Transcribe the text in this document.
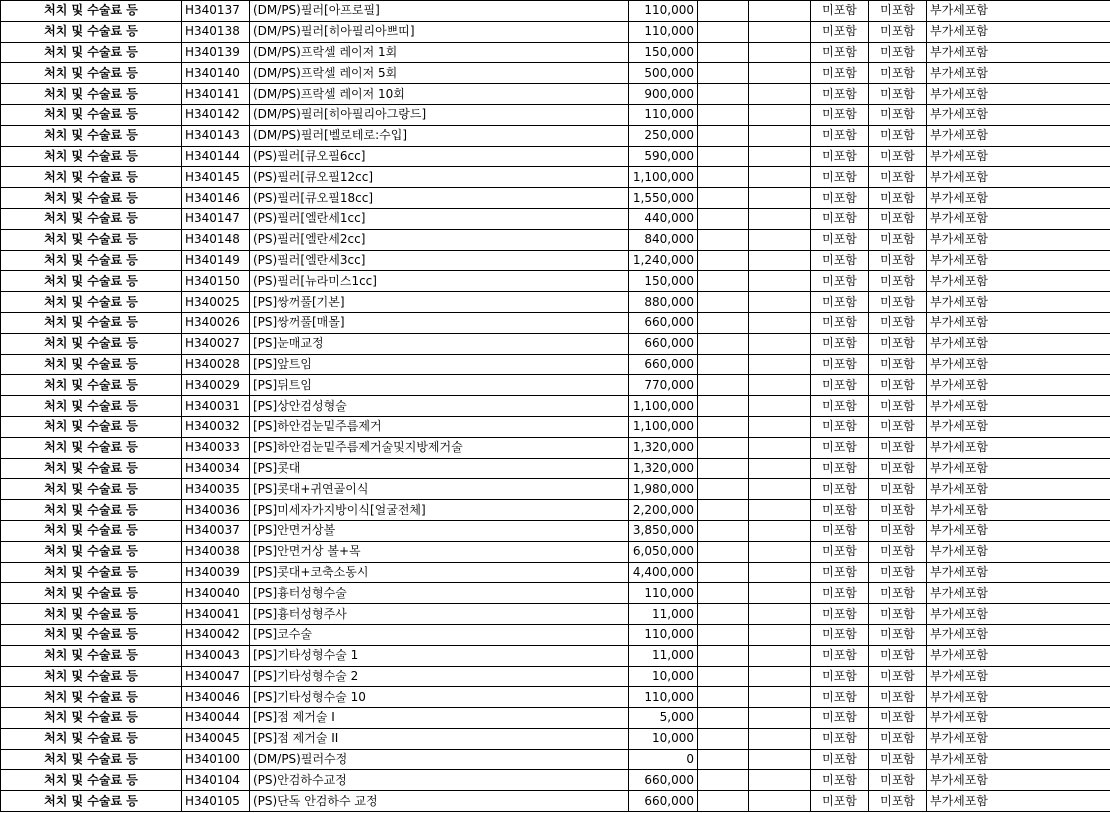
처치 및 수술료 등	H340137	(DM/PS)필러[아프로필]	110,000			미포함	미포함	부가세포함
처치 및 수술료 등	H340138	(DM/PS)필러[히아필리아쁘띠]	110,000			미포함	미포함	부가세포함
처치 및 수술료 등	H340139	(DM/PS)프락셀 레이저 1회	150,000			미포함	미포함	부가세포함
처치 및 수술료 등	H340140	(DM/PS)프락셀 레이저 5회	500,000			미포함	미포함	부가세포함
처치 및 수술료 등	H340141	(DM/PS)프락셀 레이저 10회	900,000			미포함	미포함	부가세포함
처치 및 수술료 등	H340142	(DM/PS)필러[히아필리아그랑드]	110,000			미포함	미포함	부가세포함
처치 및 수술료 등	H340143	(DM/PS)필러[벨로테로:수입]	250,000			미포함	미포함	부가세포함
처치 및 수술료 등	H340144	(PS)필러[큐오필6cc]	590,000			미포함	미포함	부가세포함
처치 및 수술료 등	H340145	(PS)필러[큐오필12cc]	1,100,000			미포함	미포함	부가세포함
처치 및 수술료 등	H340146	(PS)필러[큐오필18cc]	1,550,000			미포함	미포함	부가세포함
처치 및 수술료 등	H340147	(PS)필러[엘란세1cc]	440,000			미포함	미포함	부가세포함
처치 및 수술료 등	H340148	(PS)필러[엘란세2cc]	840,000			미포함	미포함	부가세포함
처치 및 수술료 등	H340149	(PS)필러[엘란세3cc]	1,240,000			미포함	미포함	부가세포함
처치 및 수술료 등	H340150	(PS)필러[뉴라미스1cc]	150,000			미포함	미포함	부가세포함
처치 및 수술료 등	H340025	[PS]쌍꺼풀[기본]	880,000			미포함	미포함	부가세포함
처치 및 수술료 등	H340026	[PS]쌍꺼풀[매몰]	660,000			미포함	미포함	부가세포함
처치 및 수술료 등	H340027	[PS]눈매교정	660,000			미포함	미포함	부가세포함
처치 및 수술료 등	H340028	[PS]앞트임	660,000			미포함	미포함	부가세포함
처치 및 수술료 등	H340029	[PS]뒤트임	770,000			미포함	미포함	부가세포함
처치 및 수술료 등	H340031	[PS]상안검성형술	1,100,000			미포함	미포함	부가세포함
처치 및 수술료 등	H340032	[PS]하안검눈밑주름제거	1,100,000			미포함	미포함	부가세포함
처치 및 수술료 등	H340033	[PS]하안검눈밑주름제거술및지방제거술	1,320,000			미포함	미포함	부가세포함
처치 및 수술료 등	H340034	[PS]콧대	1,320,000			미포함	미포함	부가세포함
처치 및 수술료 등	H340035	[PS]콧대+귀연골이식	1,980,000			미포함	미포함	부가세포함
처치 및 수술료 등	H340036	[PS]미세자가지방이식[얼굴전체]	2,200,000			미포함	미포함	부가세포함
처치 및 수술료 등	H340037	[PS]안면거상볼	3,850,000			미포함	미포함	부가세포함
처치 및 수술료 등	H340038	[PS]안면거상 볼+목	6,050,000			미포함	미포함	부가세포함
처치 및 수술료 등	H340039	[PS]콧대+코축소동시	4,400,000			미포함	미포함	부가세포함
처치 및 수술료 등	H340040	[PS]흉터성형수술	110,000			미포함	미포함	부가세포함
처치 및 수술료 등	H340041	[PS]흉터성형주사	11,000			미포함	미포함	부가세포함
처치 및 수술료 등	H340042	[PS]코수술	110,000			미포함	미포함	부가세포함
처치 및 수술료 등	H340043	[PS]기타성형수술 1	11,000			미포함	미포함	부가세포함
처치 및 수술료 등	H340047	[PS]기타성형수술 2	10,000			미포함	미포함	부가세포함
처치 및 수술료 등	H340046	[PS]기타성형수술 10	110,000			미포함	미포함	부가세포함
처치 및 수술료 등	H340044	[PS]점 제거술 I	5,000			미포함	미포함	부가세포함
처치 및 수술료 등	H340045	[PS]점 제거술 II	10,000			미포함	미포함	부가세포함
처치 및 수술료 등	H340100	(DM/PS)필러수정	0			미포함	미포함	부가세포함
처치 및 수술료 등	H340104	(PS)안검하수교정	660,000			미포함	미포함	부가세포함
처치 및 수술료 등	H340105	(PS)단독 안검하수 교정	660,000			미포함	미포함	부가세포함
